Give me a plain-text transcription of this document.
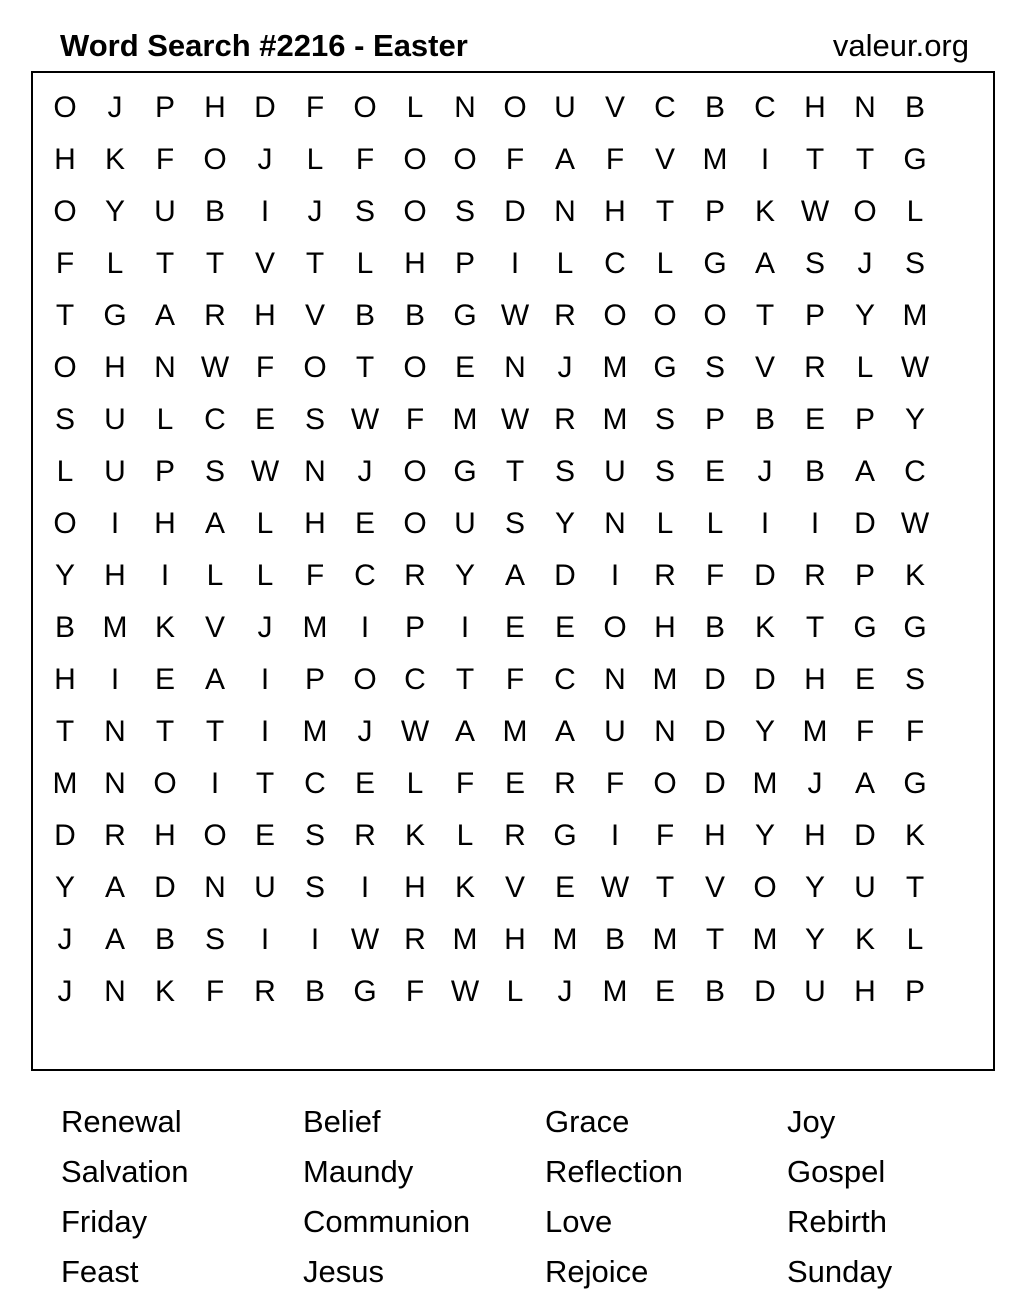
Word Search #2216 - Easter	valeur.org
O	J	P H D	F O L	N O U V C B C H N B
H K	F O	J	L	F O O F	A	F	V M	I	T	T G
O Y U B	I	J	S O S D N H	T	P K W O L
F	L	T	T	V	T	L	H P	I	L	C	L G A S	J	S
T G A R H V B B G W R O O O T	P Y M
O H N W F O T O E N	J	M G S V R	L W
S U	L	C E S W F M W R M S P B E P Y
L	U P S W N	J	O G T	S U S E	J	B A C
O	I	H A	L	H E O U S Y N	L	L	I	I	D W
Y H	I	L	L	F	C R Y A D	I	R	F	D R P K
B M K V	J	M	I	P	I	E E O H B K	T G G
H	I	E A	I	P O C	T	F	C N M D D H E S
T	N	T	T	I	M	J W A M A U N D Y M F	F
M N O	I	T	C E	L	F	E R	F O D M	J	A G
D R H O E S R K	L	R G	I	F	H Y H D K
Y A D N U S	I	H K V E W T	V O Y U	T
J	A B S	I	I	W R M H M B M T M Y K	L
J	N K	F	R B G F W L	J	M E B D U H P
Renewal	Belief	Grace	Joy
Salvation	Maundy	Reflection	Gospel
Friday	Communion	Love	Rebirth
Feast	Jesus	Rejoice	Sunday
